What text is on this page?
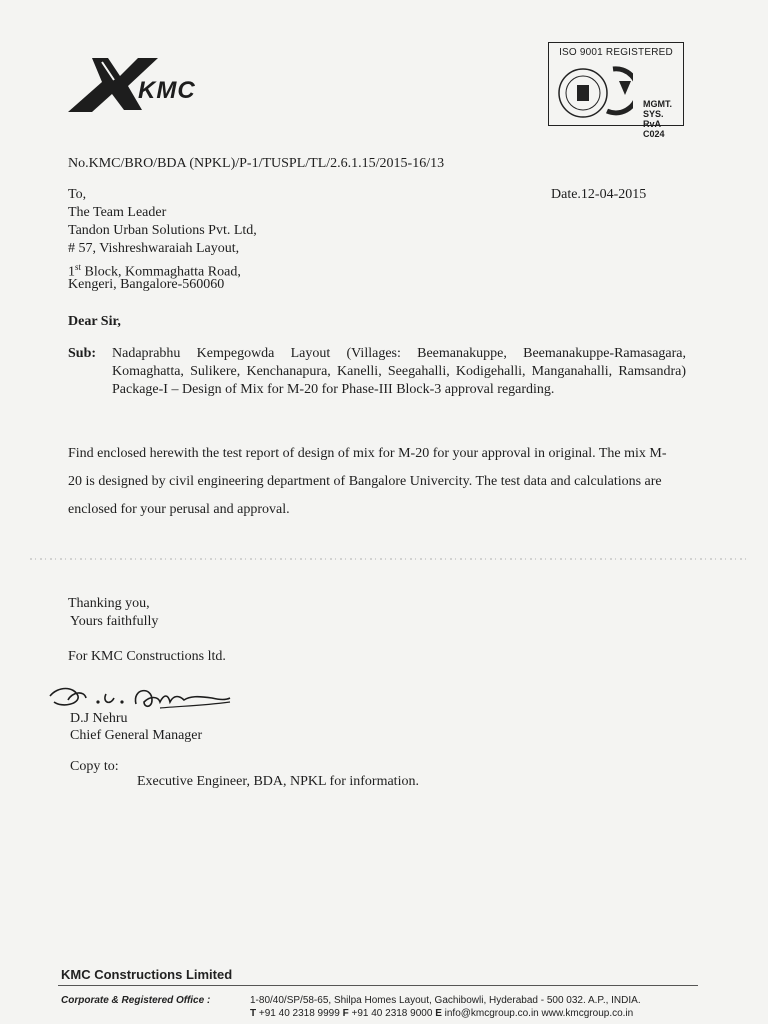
KMC
ISO 9001 REGISTERED
MGMT. SYS.
RvA C024
No.KMC/BRO/BDA (NPKL)/P-1/TUSPL/TL/2.6.1.15/2015-16/13
Date.12-04-2015
To,
The Team Leader
Tandon Urban Solutions Pvt. Ltd,
# 57, Vishreshwaraiah Layout,
1st Block, Kommaghatta Road,
Kengeri, Bangalore-560060
Dear Sir,
Sub: Nadaprabhu Kempegowda Layout (Villages: Beemanakuppe, Beemanakuppe-Ramasagara, Komaghatta, Sulikere, Kenchanapura, Kanelli, Seegahalli, Kodigehalli, Manganahalli, Ramsandra) Package-I – Design of Mix for M-20 for Phase-III Block-3 approval regarding.
Find enclosed herewith the test report of design of mix for M-20 for your approval in original. The mix M-20 is designed by civil engineering department of Bangalore Univercity. The test data and calculations are enclosed for your perusal and approval.
Thanking you,
Yours faithfully
For KMC Constructions ltd.
D.J Nehru
Chief General Manager
Copy to:
Executive Engineer, BDA, NPKL for information.
KMC Constructions Limited
Corporate & Registered Office :	1-80/40/SP/58-65, Shilpa Homes Layout, Gachibowli, Hyderabad - 500 032. A.P., INDIA.
T +91 40 2318 9999 F +91 40 2318 9000 E info@kmcgroup.co.in www.kmcgroup.co.in
